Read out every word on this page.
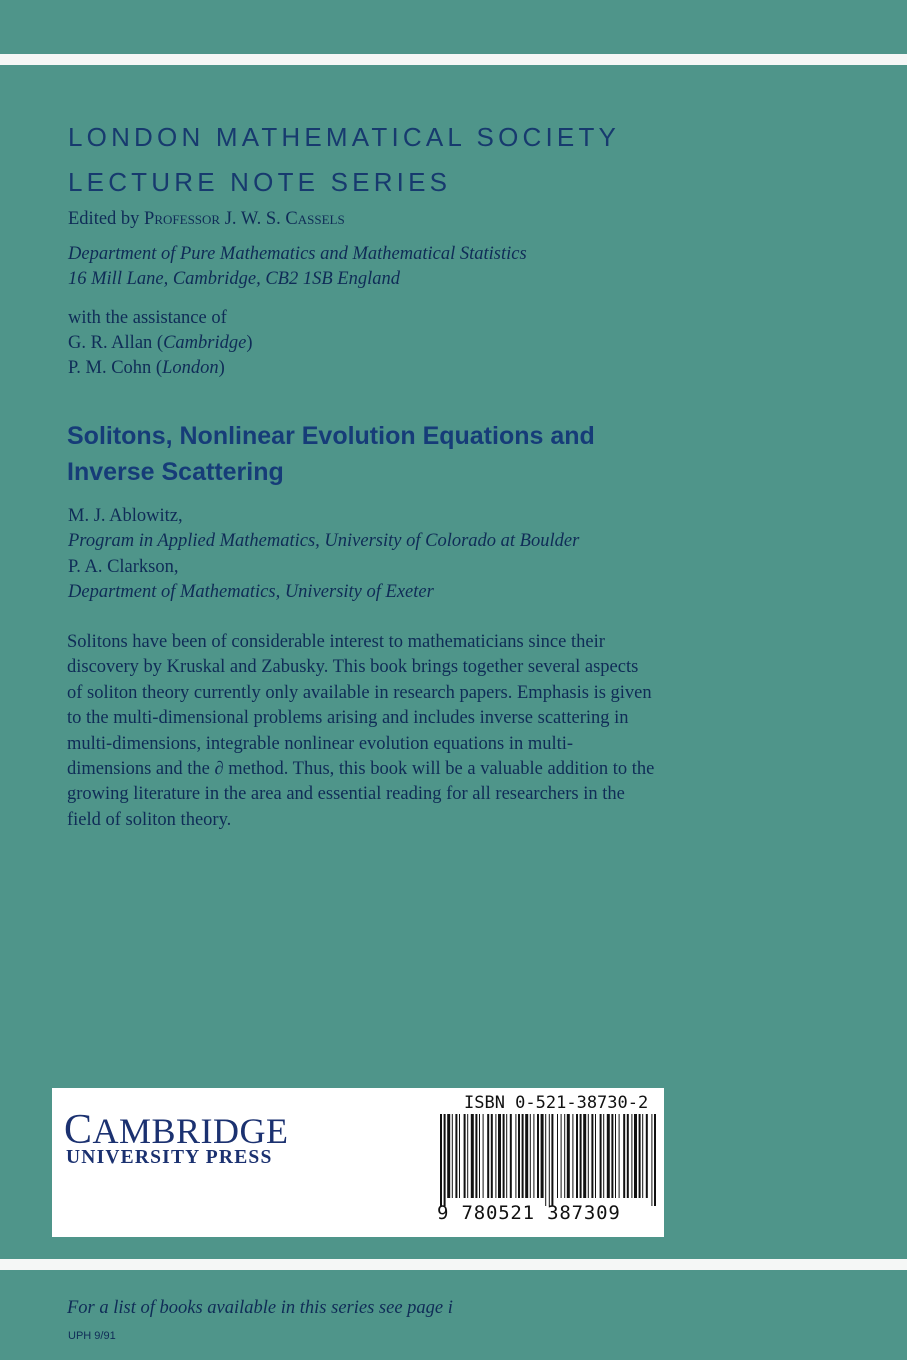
LONDON MATHEMATICAL SOCIETY
LECTURE NOTE SERIES
Edited by Professor J. W. S. Cassels
Department of Pure Mathematics and Mathematical Statistics
16 Mill Lane, Cambridge, CB2 1SB England
with the assistance of
G. R. Allan (Cambridge)
P. M. Cohn (London)
Solitons, Nonlinear Evolution Equations and
Inverse Scattering
M. J. Ablowitz,
Program in Applied Mathematics, University of Colorado at Boulder
P. A. Clarkson,
Department of Mathematics, University of Exeter

Solitons have been of considerable interest to mathematicians since their

discovery by Kruskal and Zabusky. This book brings together several aspects

of soliton theory currently only available in research papers. Emphasis is given

to the multi-dimensional problems arising and includes inverse scattering in

multi-dimensions, integrable nonlinear evolution equations in multi-

dimensions and the ∂ method. Thus, this book will be a valuable addition to the

growing literature in the area and essential reading for all researchers in the

field of soliton theory.

CAMBRIDGE
UNIVERSITY PRESS
ISBN 0-521-38730-2
9 780521 387309
For a list of books available in this series see page i
UPH 9/91
